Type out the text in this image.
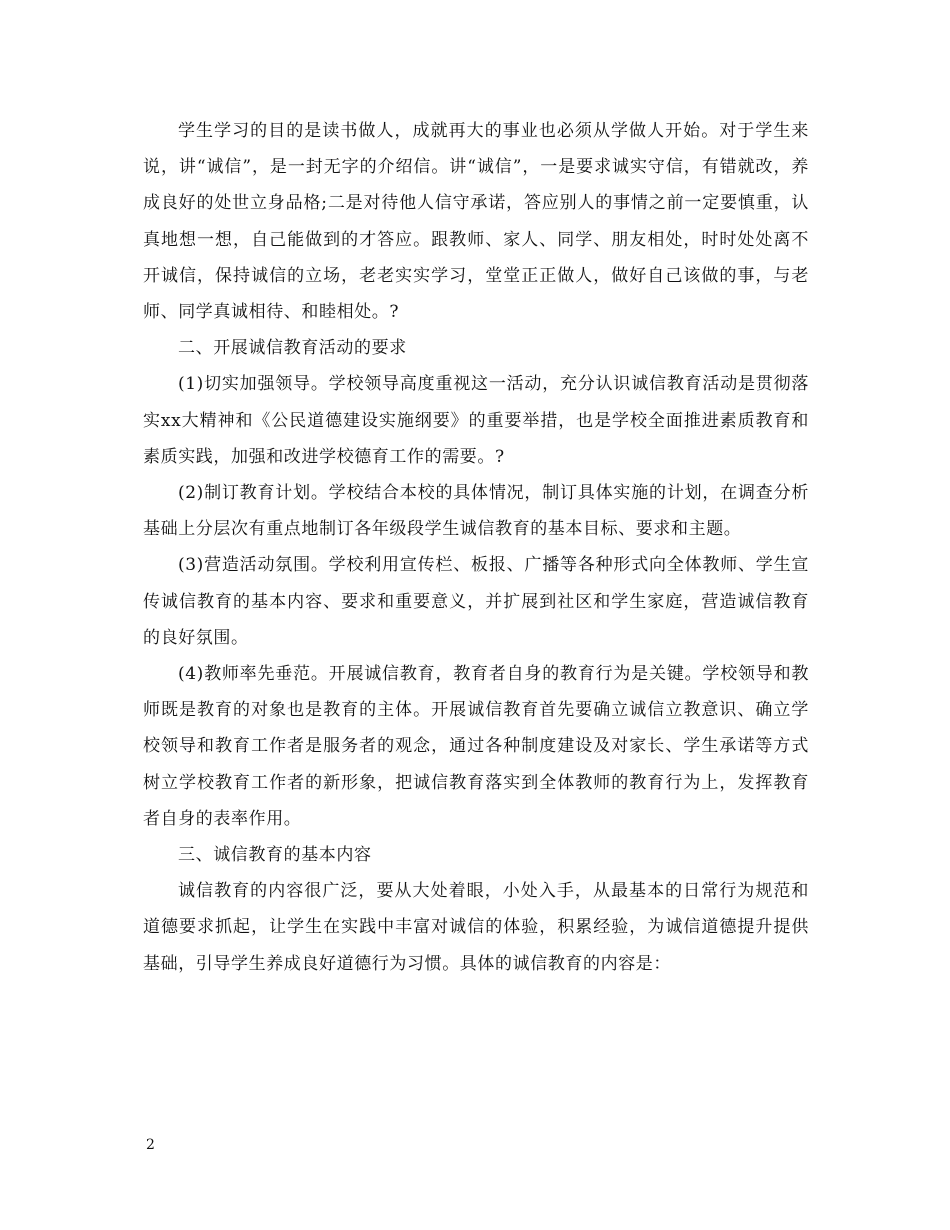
学生学习的目的是读书做人，成就再大的事业也必须从学做人开始。对于学生来说，讲“诚信”，是一封无字的介绍信。讲“诚信”，一是要求诚实守信，有错就改，养成良好的处世立身品格;二是对待他人信守承诺，答应别人的事情之前一定要慎重，认真地想一想，自己能做到的才答应。跟教师、家人、同学、朋友相处，时时处处离不开诚信，保持诚信的立场，老老实实学习，堂堂正正做人，做好自己该做的事，与老师、同学真诚相待、和睦相处。?

二、开展诚信教育活动的要求

(1)切实加强领导。学校领导高度重视这一活动，充分认识诚信教育活动是贯彻落实xx大精神和《公民道德建设实施纲要》的重要举措，也是学校全面推进素质教育和素质实践，加强和改进学校德育工作的需要。?

(2)制订教育计划。学校结合本校的具体情况，制订具体实施的计划，在调查分析基础上分层次有重点地制订各年级段学生诚信教育的基本目标、要求和主题。

(3)营造活动氛围。学校利用宣传栏、板报、广播等各种形式向全体教师、学生宣传诚信教育的基本内容、要求和重要意义，并扩展到社区和学生家庭，营造诚信教育的良好氛围。

(4)教师率先垂范。开展诚信教育，教育者自身的教育行为是关键。学校领导和教师既是教育的对象也是教育的主体。开展诚信教育首先要确立诚信立教意识、确立学校领导和教育工作者是服务者的观念，通过各种制度建设及对家长、学生承诺等方式树立学校教育工作者的新形象，把诚信教育落实到全体教师的教育行为上，发挥教育者自身的表率作用。

三、诚信教育的基本内容

诚信教育的内容很广泛，要从大处着眼，小处入手，从最基本的日常行为规范和道德要求抓起，让学生在实践中丰富对诚信的体验，积累经验，为诚信道德提升提供基础，引导学生养成良好道德行为习惯。具体的诚信教育的内容是：

2
